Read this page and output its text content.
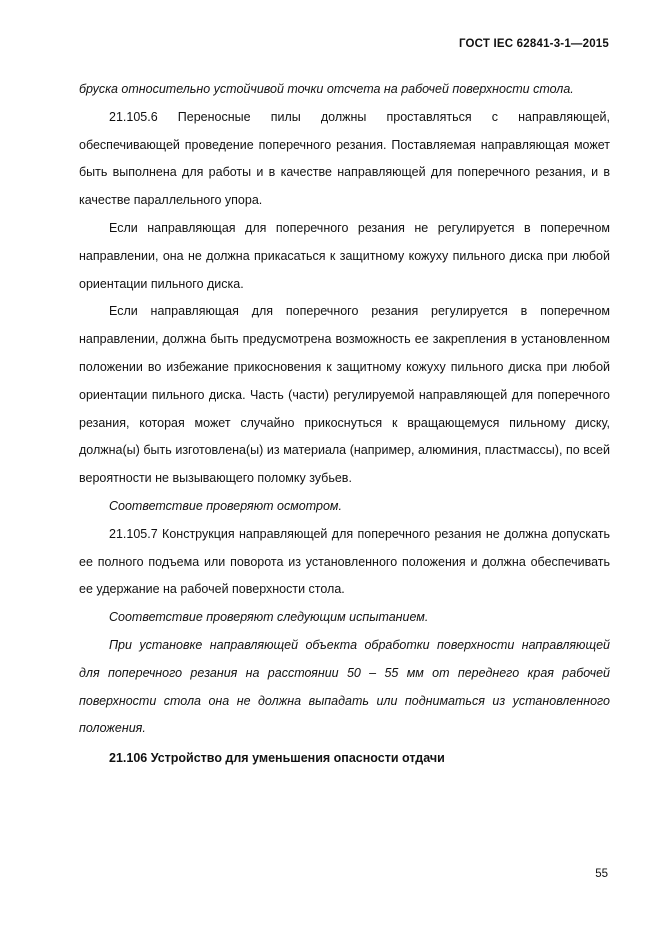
ГОСТ IEC 62841-3-1—2015

бруска относительно устойчивой точки отсчета на рабочей поверхности стола.

21.105.6 Переносные пилы должны проставляться с направляющей, обеспечивающей проведение поперечного резания. Поставляемая направляющая может быть выполнена для работы и в качестве направляющей для поперечного резания, и в качестве параллельного упора.

Если направляющая для поперечного резания не регулируется в поперечном направлении, она не должна прикасаться к защитному кожуху пильного диска при любой ориентации пильного диска.

Если направляющая для поперечного резания регулируется в поперечном направлении, должна быть предусмотрена возможность ее закрепления в установленном положении во избежание прикосновения к защитному кожуху пильного диска при любой ориентации пильного диска. Часть (части) регулируемой направляющей для поперечного резания, которая может случайно прикоснуться к вращающемуся пильному диску, должна(ы) быть изготовлена(ы) из материала (например, алюминия, пластмассы), по всей вероятности не вызывающего поломку зубьев.

Соответствие проверяют осмотром.

21.105.7 Конструкция направляющей для поперечного резания не должна допускать ее полного подъема или поворота из установленного положения и должна обеспечивать ее удержание на рабочей поверхности стола.

Соответствие проверяют следующим испытанием.

При установке направляющей объекта обработки поверхности направляющей для поперечного резания на расстоянии 50 – 55 мм от переднего края рабочей поверхности стола она не должна выпадать или подниматься из установленного положения.

21.106 Устройство для уменьшения опасности отдачи

55
